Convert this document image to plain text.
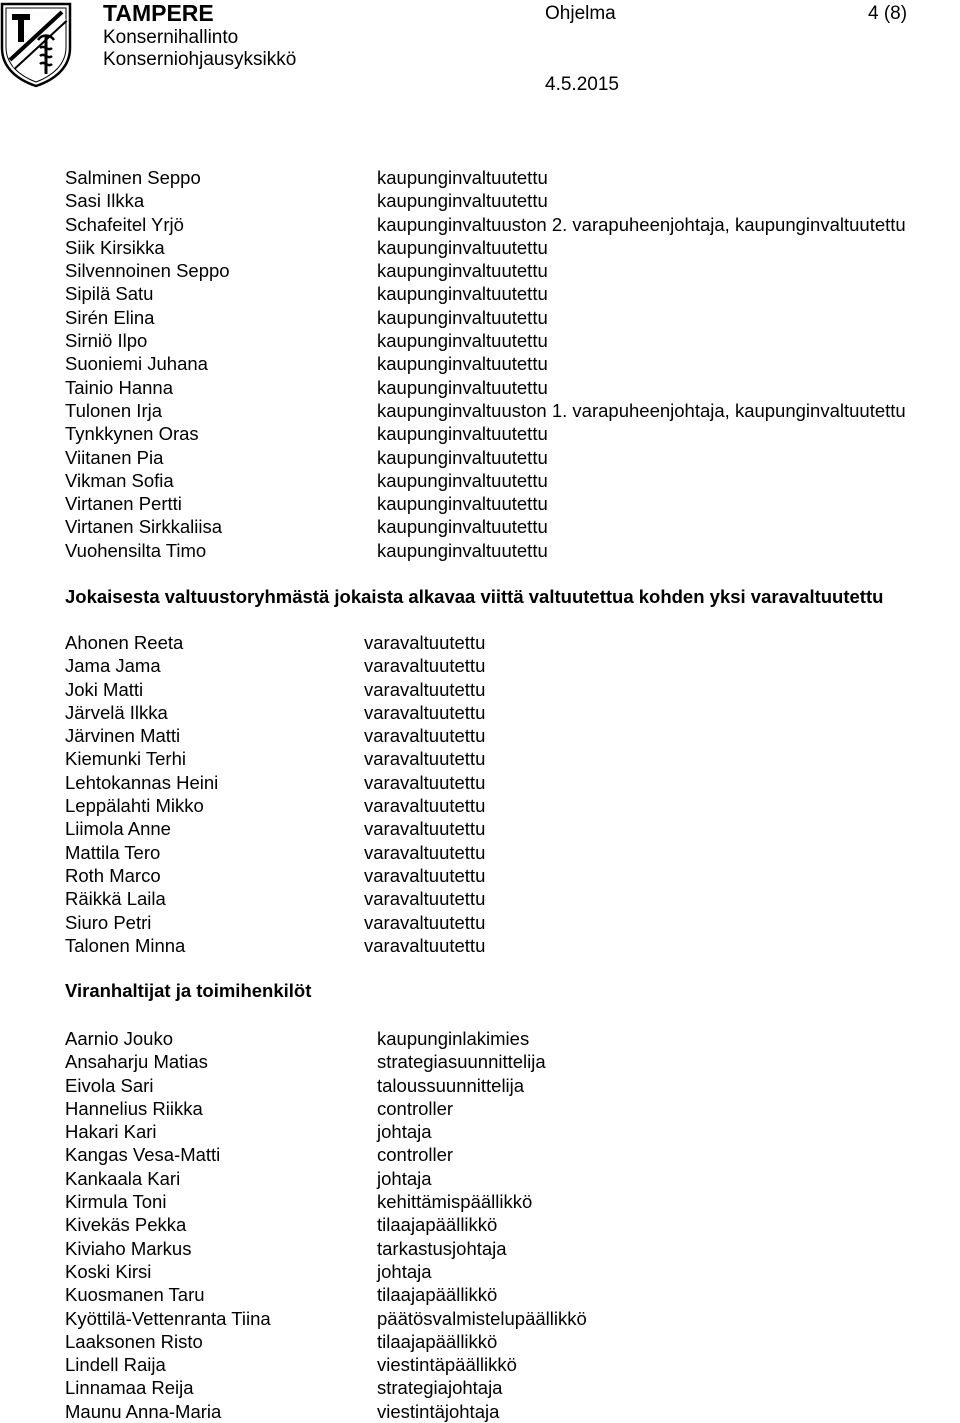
TAMPERE
Konsernihallinto
Konserniohjausyksikkö
Ohjelma	4 (8)
4.5.2015
Salminen Seppo	kaupunginvaltuutettu
Sasi Ilkka	kaupunginvaltuutettu
Schafeitel Yrjö	kaupunginvaltuuston 2. varapuheenjohtaja, kaupunginvaltuutettu
Siik Kirsikka	kaupunginvaltuutettu
Silvennoinen Seppo	kaupunginvaltuutettu
Sipilä Satu	kaupunginvaltuutettu
Sirén Elina	kaupunginvaltuutettu
Sirniö Ilpo	kaupunginvaltuutettu
Suoniemi Juhana	kaupunginvaltuutettu
Tainio Hanna	kaupunginvaltuutettu
Tulonen Irja	kaupunginvaltuuston 1. varapuheenjohtaja, kaupunginvaltuutettu
Tynkkynen Oras	kaupunginvaltuutettu
Viitanen Pia	kaupunginvaltuutettu
Vikman Sofia	kaupunginvaltuutettu
Virtanen Pertti	kaupunginvaltuutettu
Virtanen Sirkkaliisa	kaupunginvaltuutettu
Vuohensilta Timo	kaupunginvaltuutettu
Jokaisesta valtuustoryhmästä jokaista alkavaa viittä valtuutettua kohden yksi varavaltuutettu
Ahonen Reeta	varavaltuutettu
Jama Jama	varavaltuutettu
Joki Matti	varavaltuutettu
Järvelä Ilkka	varavaltuutettu
Järvinen Matti	varavaltuutettu
Kiemunki Terhi	varavaltuutettu
Lehtokannas Heini	varavaltuutettu
Leppälahti Mikko	varavaltuutettu
Liimola Anne	varavaltuutettu
Mattila Tero	varavaltuutettu
Roth Marco	varavaltuutettu
Räikkä Laila	varavaltuutettu
Siuro Petri	varavaltuutettu
Talonen Minna	varavaltuutettu
Viranhaltijat ja toimihenkilöt
Aarnio Jouko	kaupunginlakimies
Ansaharju Matias	strategiasuunnittelija
Eivola Sari	taloussuunnittelija
Hannelius Riikka	controller
Hakari Kari	johtaja
Kangas Vesa-Matti	controller
Kankaala Kari	johtaja
Kirmula Toni	kehittämispäällikkö
Kivekäs Pekka	tilaajapäällikkö
Kiviaho Markus	tarkastusjohtaja
Koski Kirsi	johtaja
Kuosmanen Taru	tilaajapäällikkö
Kyöttilä-Vettenranta Tiina	päätösvalmistelupäällikkö
Laaksonen Risto	tilaajapäällikkö
Lindell Raija	viestintäpäällikkö
Linnamaa Reija	strategiajohtaja
Maunu Anna-Maria	viestintäjohtaja
